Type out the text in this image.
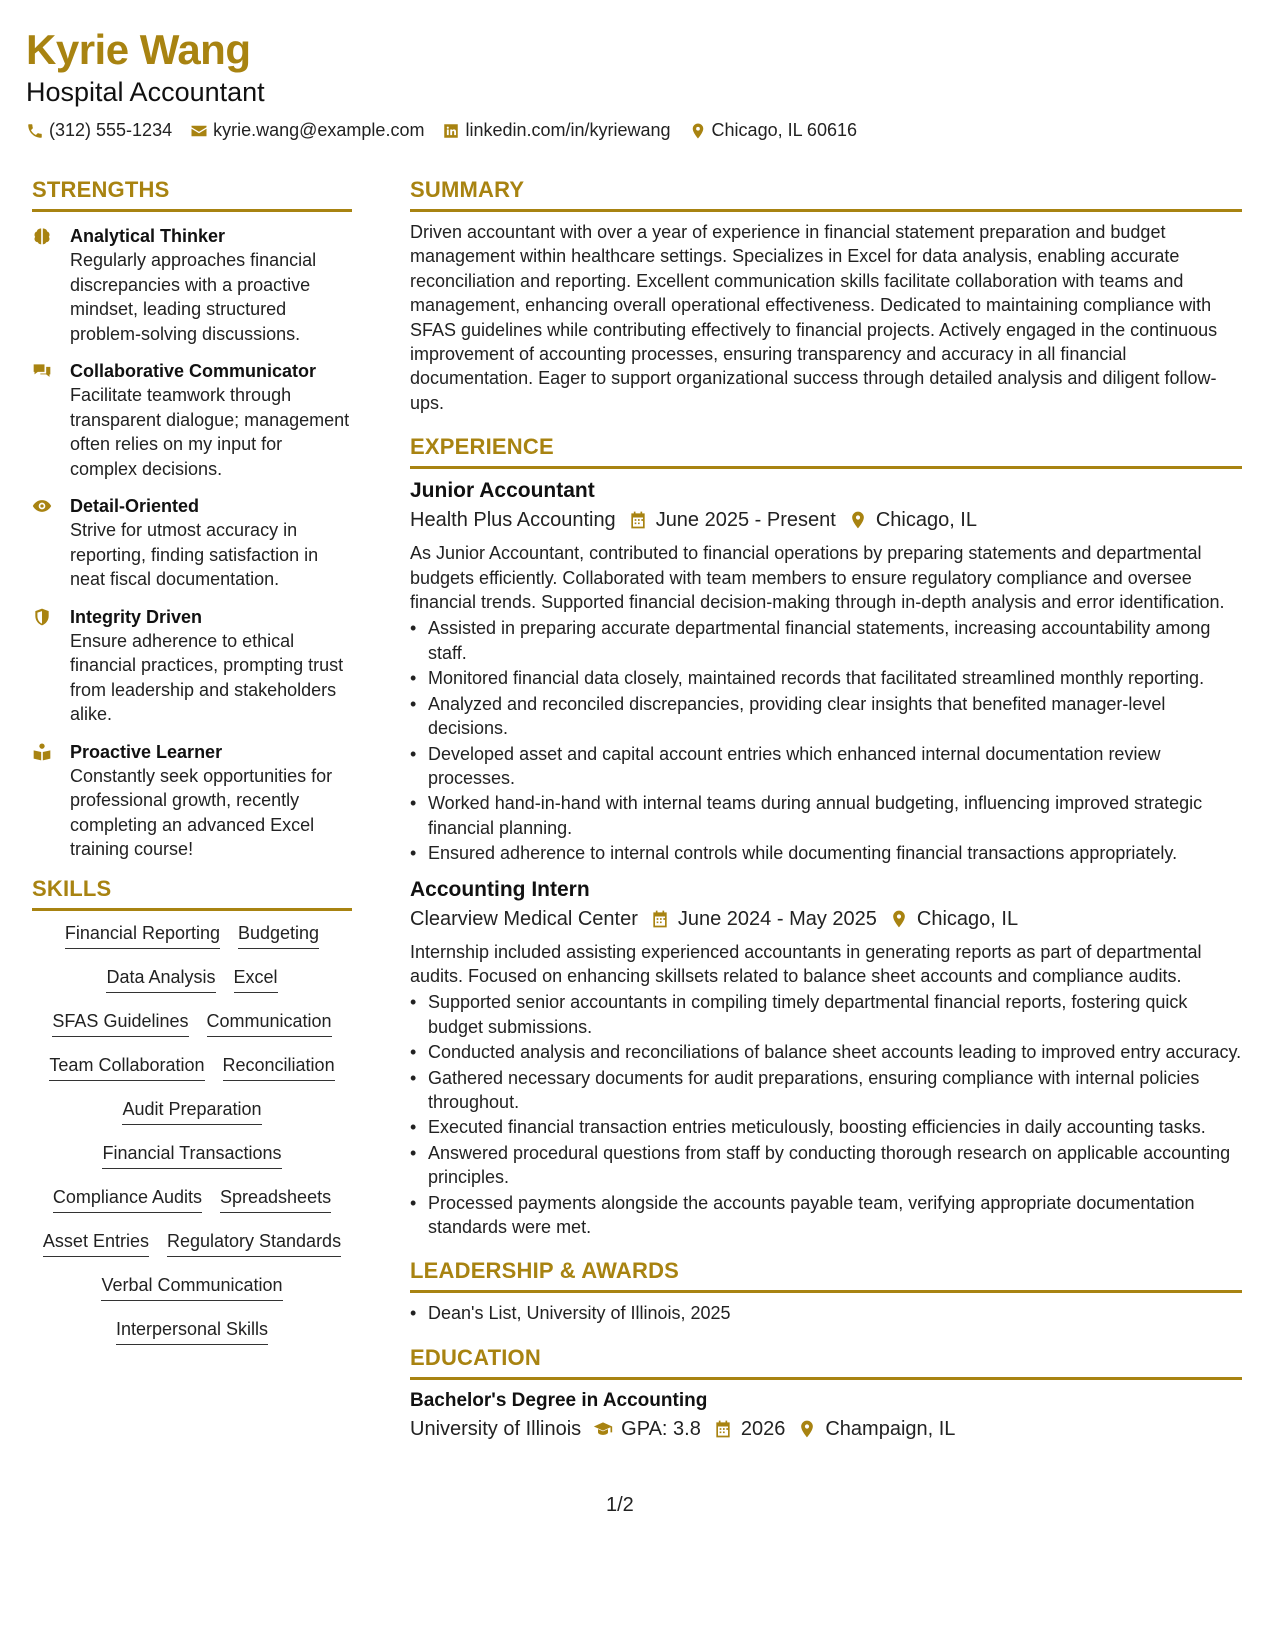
Kyrie Wang
Hospital Accountant
(312) 555-1234 kyrie.wang@example.com linkedin.com/in/kyriewang Chicago, IL 60616
STRENGTHS
Analytical Thinker
Regularly approaches financial discrepancies with a proactive mindset, leading structured problem-solving discussions.
Collaborative Communicator
Facilitate teamwork through transparent dialogue; management often relies on my input for complex decisions.
Detail-Oriented
Strive for utmost accuracy in reporting, finding satisfaction in neat fiscal documentation.
Integrity Driven
Ensure adherence to ethical financial practices, prompting trust from leadership and stakeholders alike.
Proactive Learner
Constantly seek opportunities for professional growth, recently completing an advanced Excel training course!
SKILLS
Financial Reporting Budgeting
Data Analysis Excel
SFAS Guidelines Communication
Team Collaboration Reconciliation
Audit Preparation
Financial Transactions
Compliance Audits Spreadsheets
Asset Entries Regulatory Standards
Verbal Communication
Interpersonal Skills
SUMMARY
Driven accountant with over a year of experience in financial statement preparation and budget management within healthcare settings. Specializes in Excel for data analysis, enabling accurate reconciliation and reporting. Excellent communication skills facilitate collaboration with teams and management, enhancing overall operational effectiveness. Dedicated to maintaining compliance with SFAS guidelines while contributing effectively to financial projects. Actively engaged in the continuous improvement of accounting processes, ensuring transparency and accuracy in all financial documentation. Eager to support organizational success through detailed analysis and diligent follow-ups.
EXPERIENCE
Junior Accountant
Health Plus Accounting June 2025 - Present Chicago, IL
As Junior Accountant, contributed to financial operations by preparing statements and departmental budgets efficiently. Collaborated with team members to ensure regulatory compliance and oversee financial trends. Supported financial decision-making through in-depth analysis and error identification.
• Assisted in preparing accurate departmental financial statements, increasing accountability among staff.
• Monitored financial data closely, maintained records that facilitated streamlined monthly reporting.
• Analyzed and reconciled discrepancies, providing clear insights that benefited manager-level decisions.
• Developed asset and capital account entries which enhanced internal documentation review processes.
• Worked hand-in-hand with internal teams during annual budgeting, influencing improved strategic financial planning.
• Ensured adherence to internal controls while documenting financial transactions appropriately.
Accounting Intern
Clearview Medical Center June 2024 - May 2025 Chicago, IL
Internship included assisting experienced accountants in generating reports as part of departmental audits. Focused on enhancing skillsets related to balance sheet accounts and compliance audits.
• Supported senior accountants in compiling timely departmental financial reports, fostering quick budget submissions.
• Conducted analysis and reconciliations of balance sheet accounts leading to improved entry accuracy.
• Gathered necessary documents for audit preparations, ensuring compliance with internal policies throughout.
• Executed financial transaction entries meticulously, boosting efficiencies in daily accounting tasks.
• Answered procedural questions from staff by conducting thorough research on applicable accounting principles.
• Processed payments alongside the accounts payable team, verifying appropriate documentation standards were met.
LEADERSHIP & AWARDS
• Dean's List, University of Illinois, 2025
EDUCATION
Bachelor's Degree in Accounting
University of Illinois GPA: 3.8 2026 Champaign, IL
1/2
